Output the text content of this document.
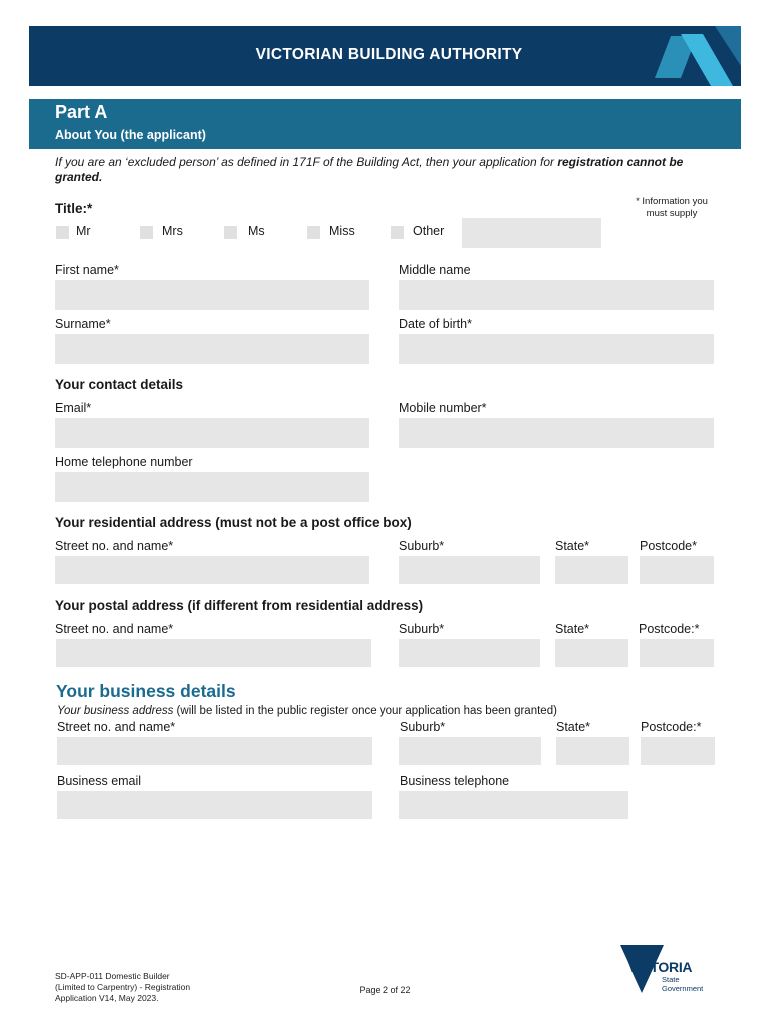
VICTORIAN BUILDING AUTHORITY
Part A
About You (the applicant)
If you are an ‘excluded person’ as defined in 171F of the Building Act, then your application for registration cannot be granted.
* Information you must supply
Title:*
Mr	Mrs	Ms	Miss	Other
First name*	Middle name
Surname*	Date of birth*
Your contact details
Email*	Mobile number*
Home telephone number
Your residential address (must not be a post office box)
Street no. and name*	Suburb*	State*	Postcode*
Your postal address (if different from residential address)
Street no. and name*	Suburb*	State*	Postcode:*
Your business details
Your business address (will be listed in the public register once your application has been granted)
Street no. and name*	Suburb*	State*	Postcode:*
Business email	Business telephone
SD-APP-011 Domestic Builder
(Limited to Carpentry) - Registration
Application V14, May 2023.
Page 2 of 22
VICTORIA
State
Government
